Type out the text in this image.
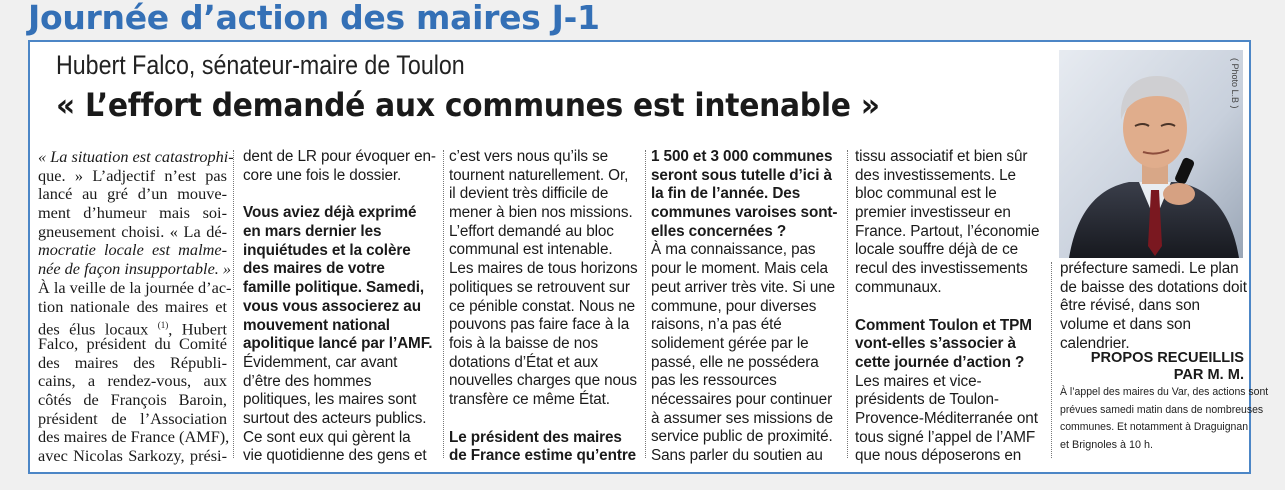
Journée d’action des maires J-1
Hubert Falco, sénateur-maire de Toulon
« L’effort demandé aux communes est intenable »
« La situation est catastrophi-
que. » L’adjectif n’est pas
lancé au gré d’un mouve-
ment d’humeur mais soi-
gneusement choisi. « La dé-
mocratie locale est malme-
née de façon insupportable. »
À la veille de la journée d’ac-
tion nationale des maires et
des élus locaux $^{(1)}$, Hubert
Falco, président du Comité
des maires des Républi-
cains, a rendez-vous, aux
côtés de François Baroin,
président de l’Association
des maires de France (AMF),
avec Nicolas Sarkozy, prési-
dent de LR pour évoquer en-
core une fois le dossier.
Vous aviez déjà exprimé
en mars dernier les
inquiétudes et la colère
des maires de votre
famille politique. Samedi,
vous vous associerez au
mouvement national
apolitique lancé par l’AMF.
Évidemment, car avant
d’être des hommes
politiques, les maires sont
surtout des acteurs publics.
Ce sont eux qui gèrent la
vie quotidienne des gens et
c’est vers nous qu’ils se
tournent naturellement. Or,
il devient très difficile de
mener à bien nos missions.
L’effort demandé au bloc
communal est intenable.
Les maires de tous horizons
politiques se retrouvent sur
ce pénible constat. Nous ne
pouvons pas faire face à la
fois à la baisse de nos
dotations d’État et aux
nouvelles charges que nous
transfère ce même État.
Le président des maires
de France estime qu’entre
1 500 et 3 000 communes
seront sous tutelle d’ici à
la fin de l’année. Des
communes varoises sont-
elles concernées ?
À ma connaissance, pas
pour le moment. Mais cela
peut arriver très vite. Si une
commune, pour diverses
raisons, n’a pas été
solidement gérée par le
passé, elle ne possédera
pas les ressources
nécessaires pour continuer
à assumer ses missions de
service public de proximité.
Sans parler du soutien au
tissu associatif et bien sûr
des investissements. Le
bloc communal est le
premier investisseur en
France. Partout, l’économie
locale souffre déjà de ce
recul des investissements
communaux.
Comment Toulon et TPM
vont-elles s’associer à
cette journée d’action ?
Les maires et vice-
présidents de Toulon-
Provence-Méditerranée ont
tous signé l’appel de l’AMF
que nous déposerons en
( Photo L.B )
préfecture samedi. Le plan
de baisse des dotations doit
être révisé, dans son
volume et dans son
calendrier.
PROPOS RECUEILLIS
PAR M. M.
À l’appel des maires du Var, des actions sont
prévues samedi matin dans de nombreuses
communes. Et notamment à Draguignan
et Brignoles à 10 h.
